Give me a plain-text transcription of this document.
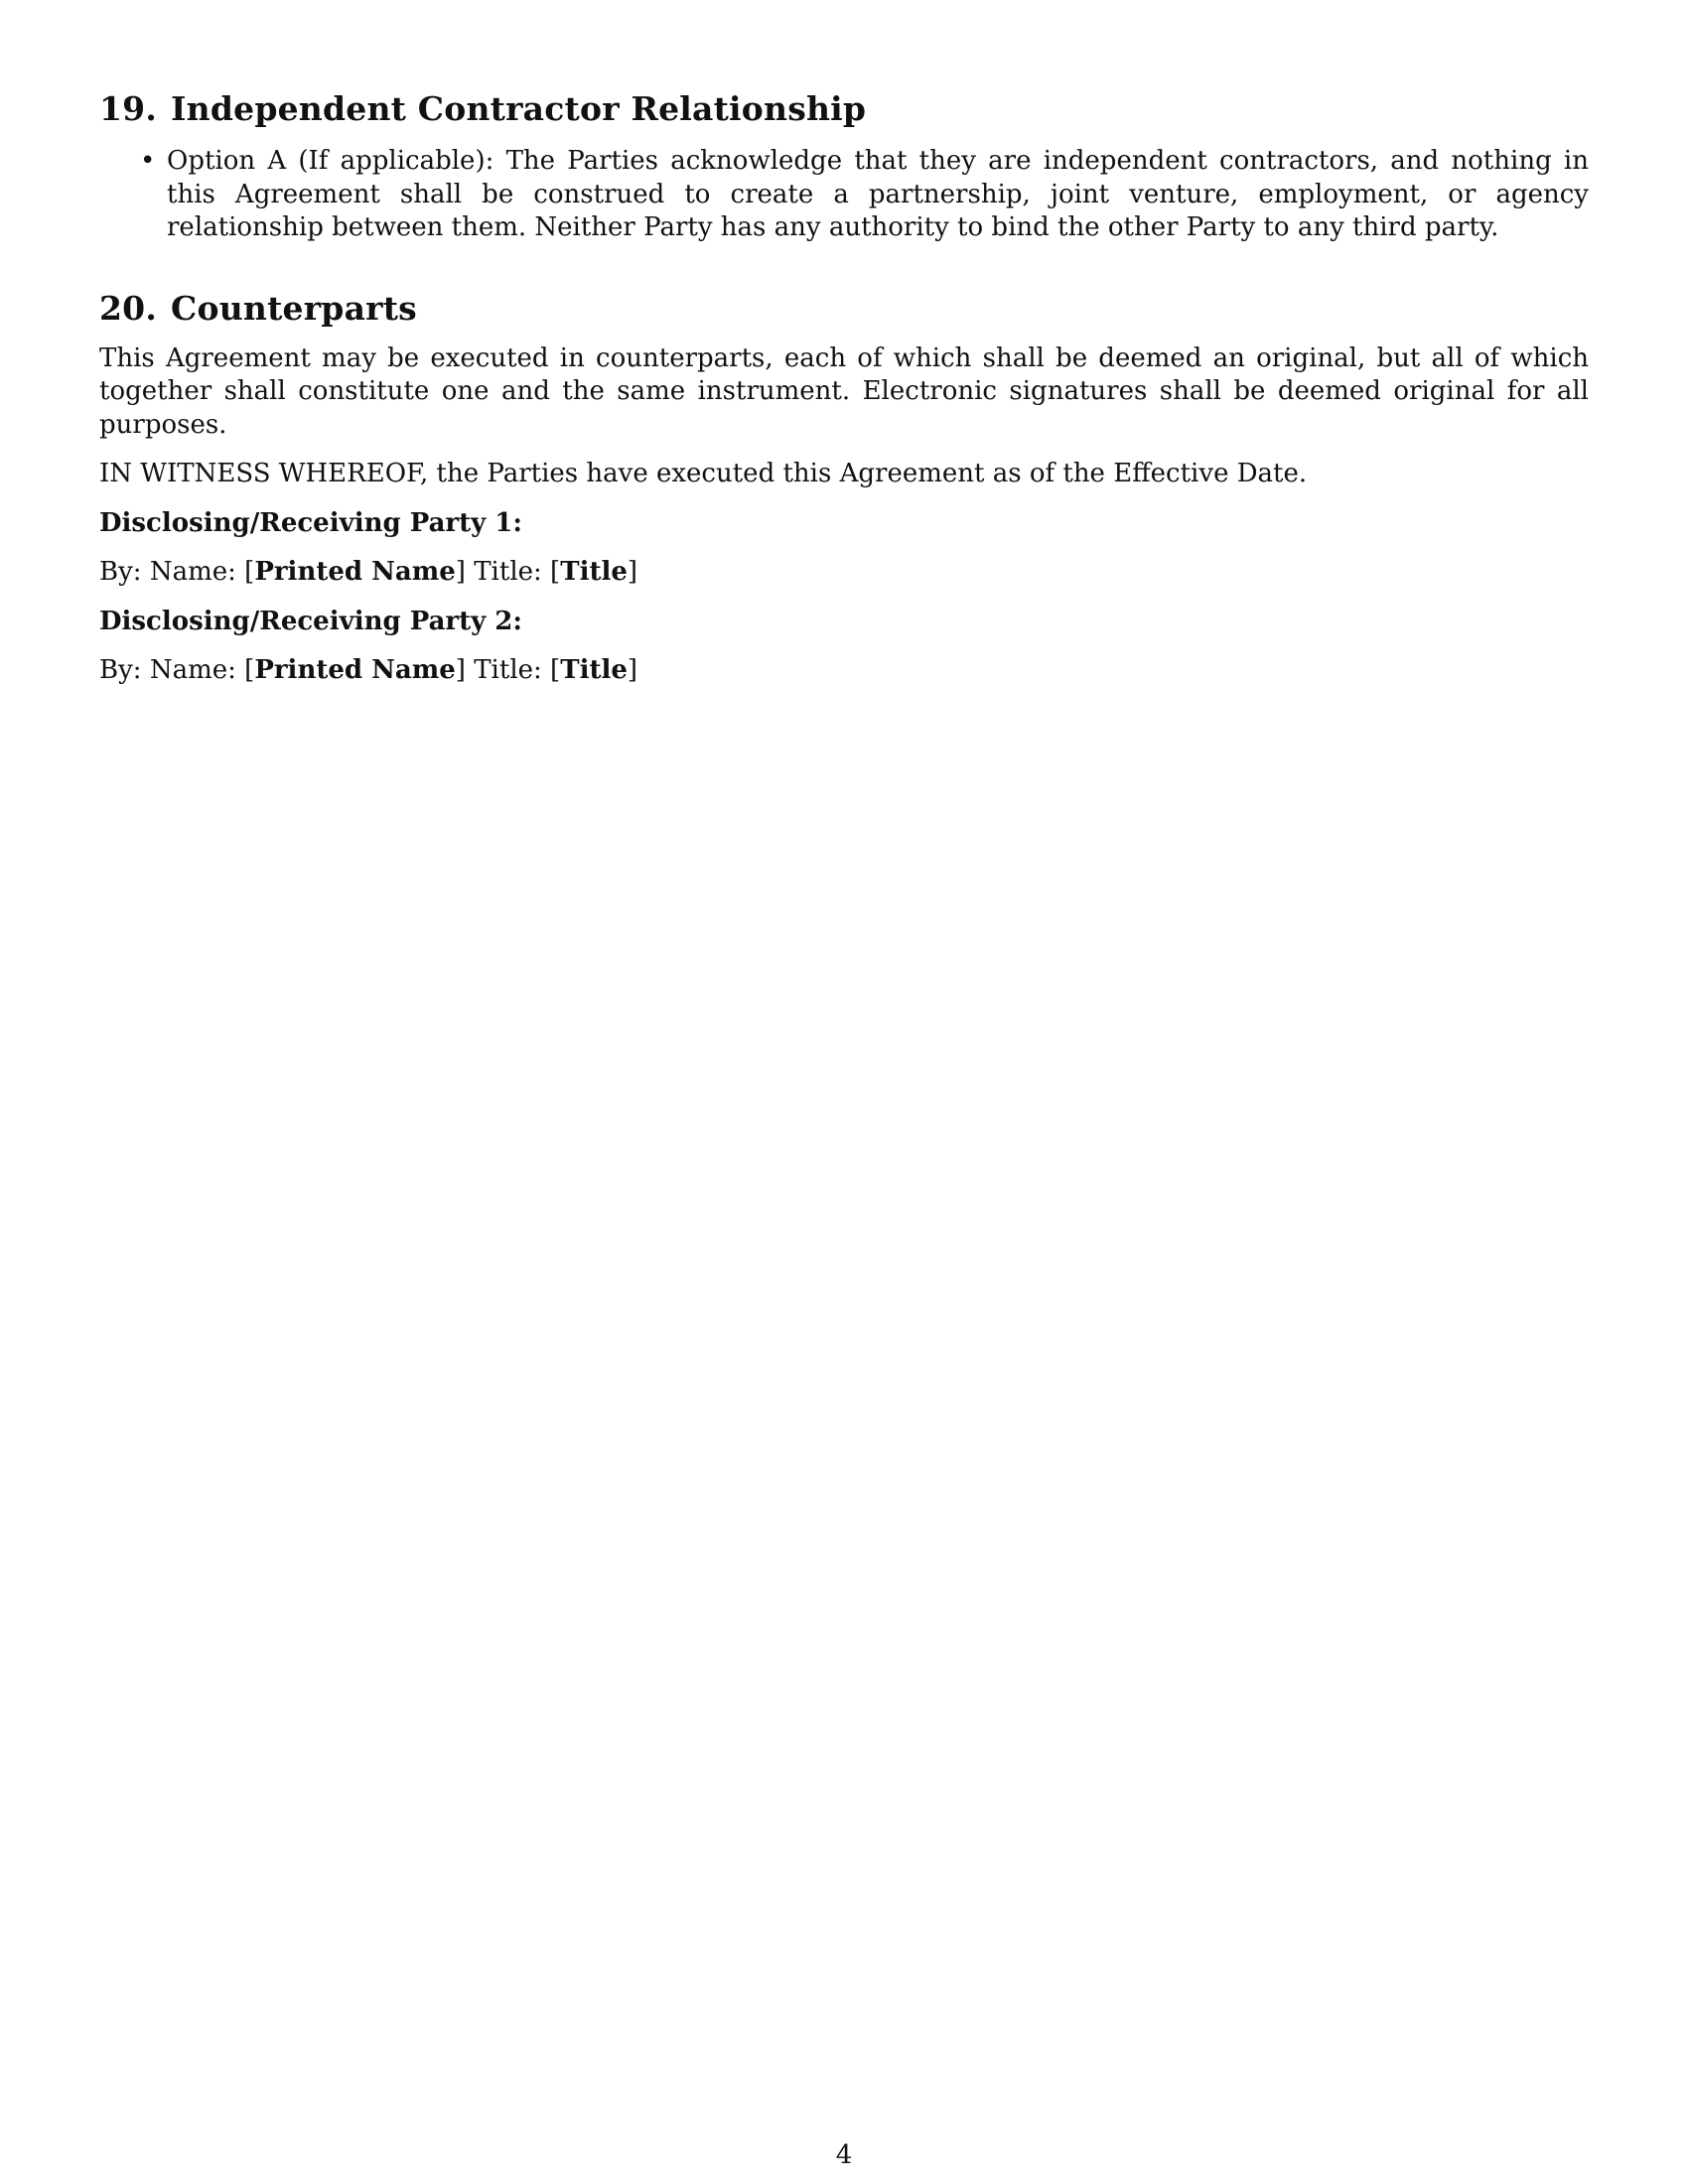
19. Independent Contractor Relationship
• Option A (If applicable): The Parties acknowledge that they are independent contractors, and nothing in this Agreement shall be construed to create a partnership, joint venture, employment, or agency relationship between them. Neither Party has any authority to bind the other Party to any third party.
20. Counterparts

This Agreement may be executed in counterparts, each of which shall be deemed an original, but all of which together shall constitute one and the same instrument. Electronic signatures shall be deemed original for all purposes.

IN WITNESS WHEREOF, the Parties have executed this Agreement as of the Effective Date.

Disclosing/Receiving Party 1:

By: Name: [Printed Name] Title: [Title]

Disclosing/Receiving Party 2:

By: Name: [Printed Name] Title: [Title]

4
